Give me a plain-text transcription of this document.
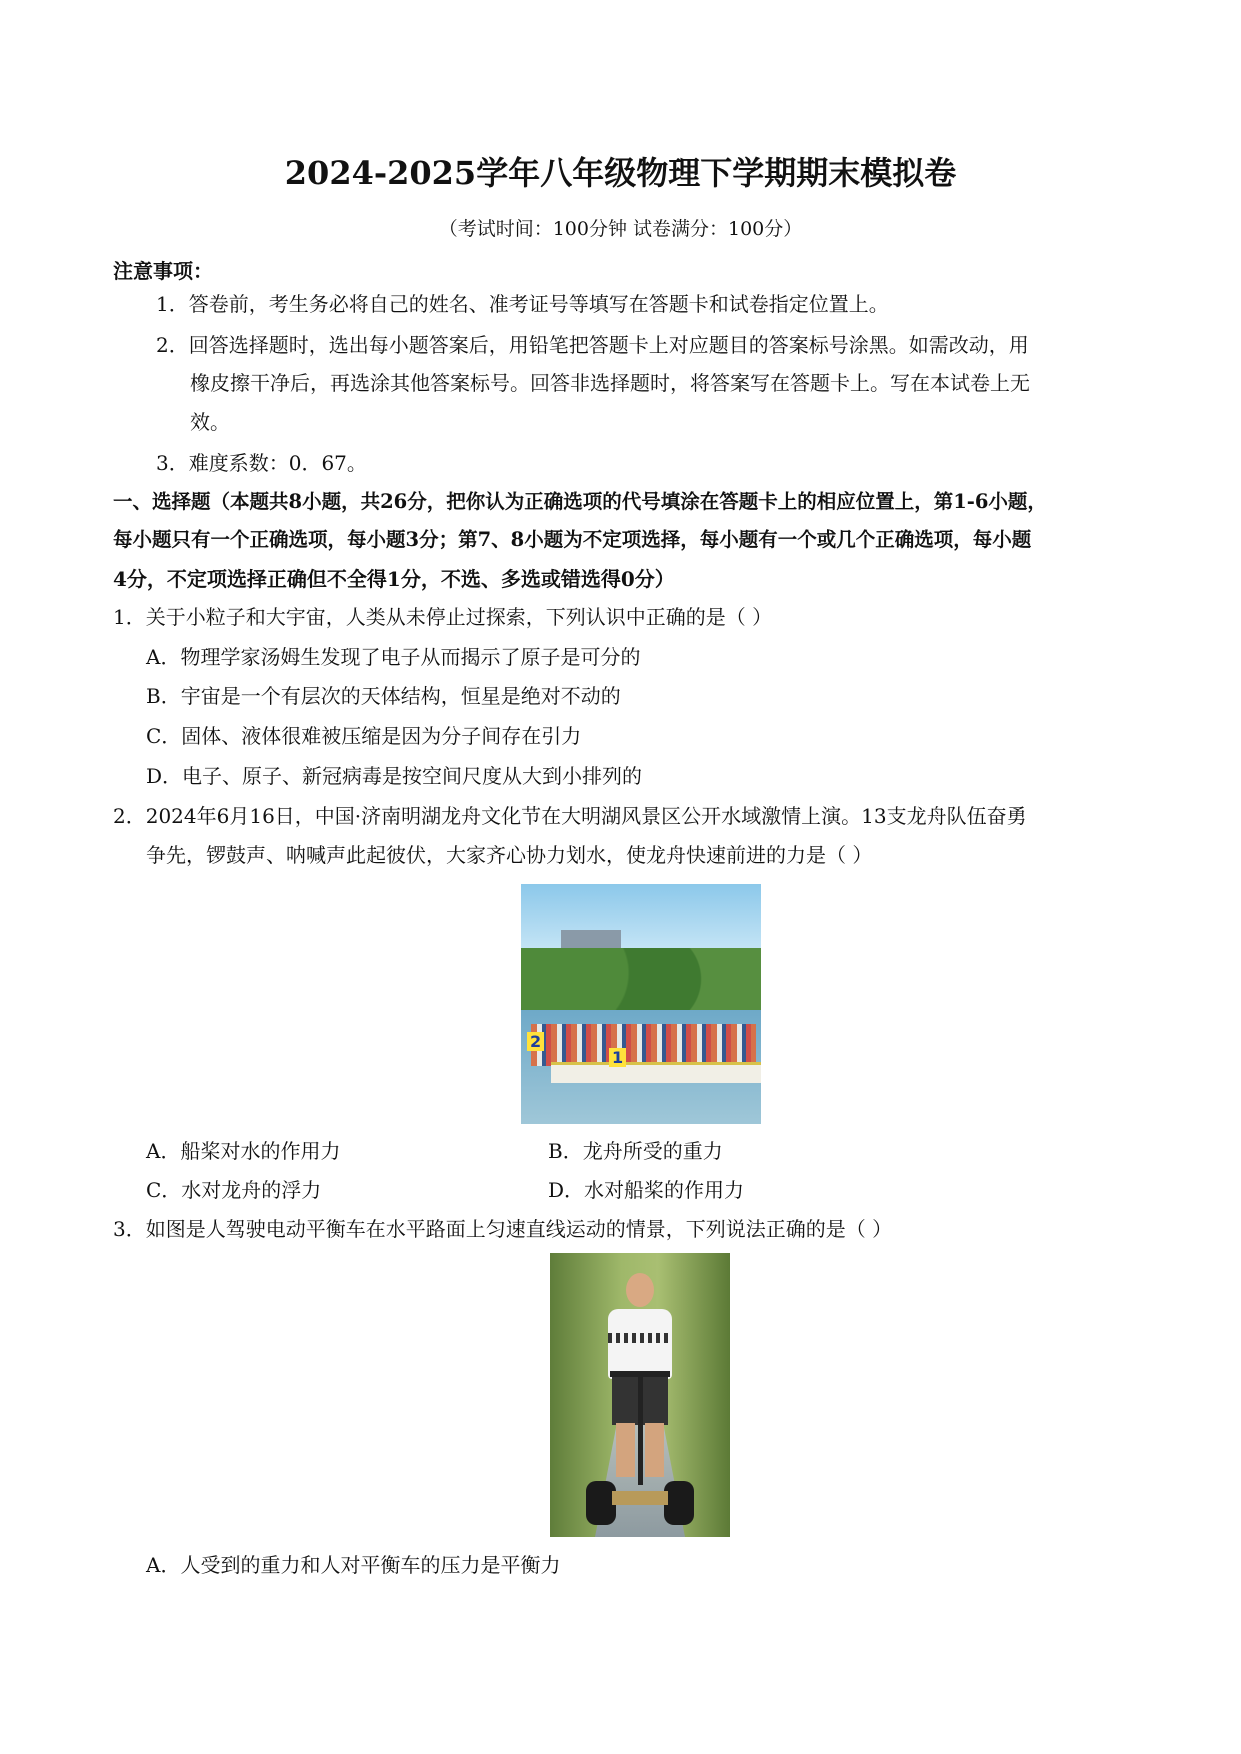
2024-2025学年八年级物理下学期期末模拟卷
（考试时间：100分钟 试卷满分：100分）
注意事项：
1．答卷前，考生务必将自己的姓名、准考证号等填写在答题卡和试卷指定位置上。
2．回答选择题时，选出每小题答案后，用铅笔把答题卡上对应题目的答案标号涂黑。如需改动，用
橡皮擦干净后，再选涂其他答案标号。回答非选择题时，将答案写在答题卡上。写在本试卷上无
效。
3．难度系数：0．67。
一、选择题（本题共8小题，共26分，把你认为正确选项的代号填涂在答题卡上的相应位置上，第1-6小题，
每小题只有一个正确选项，每小题3分；第7、8小题为不定项选择，每小题有一个或几个正确选项，每小题
4分，不定项选择正确但不全得1分，不选、多选或错选得0分）
1．关于小粒子和大宇宙，人类从未停止过探索，下列认识中正确的是（ ）
A．物理学家汤姆生发现了电子从而揭示了原子是可分的
B．宇宙是一个有层次的天体结构，恒星是绝对不动的
C．固体、液体很难被压缩是因为分子间存在引力
D．电子、原子、新冠病毒是按空间尺度从大到小排列的
2．2024年6月16日，中国·济南明湖龙舟文化节在大明湖风景区公开水域激情上演。13支龙舟队伍奋勇
争先，锣鼓声、呐喊声此起彼伏，大家齐心协力划水，使龙舟快速前进的力是（ ）
2
1
A．船桨对水的作用力	B．龙舟所受的重力
C．水对龙舟的浮力	D．水对船桨的作用力
3．如图是人驾驶电动平衡车在水平路面上匀速直线运动的情景，下列说法正确的是（ ）
A．人受到的重力和人对平衡车的压力是平衡力
